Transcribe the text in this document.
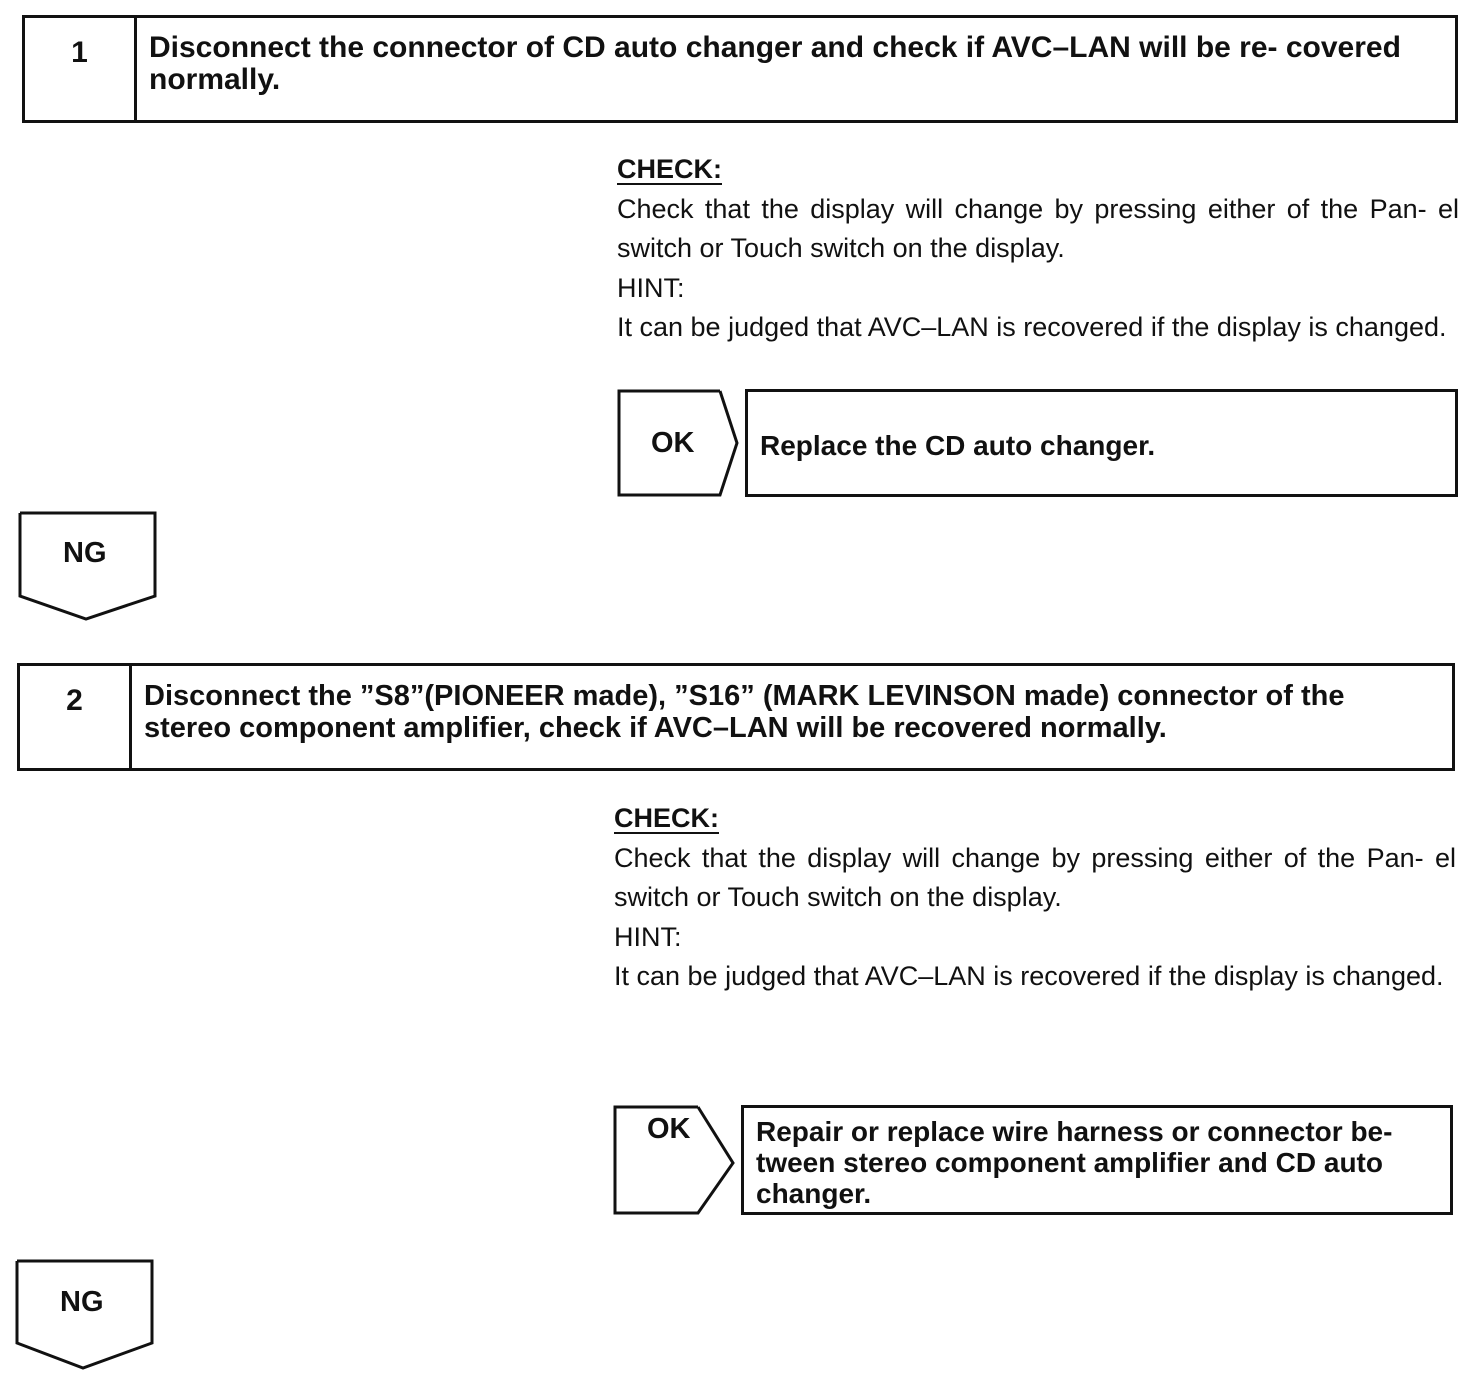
1	Disconnect the connector of CD auto changer and check if AVC–LAN will be re- covered normally.
CHECK:
Check that the display will change by pressing either of the Pan- el switch or Touch switch on the display.
HINT:
It can be judged that AVC–LAN is recovered if the display is changed.
OK	Replace the CD auto changer.
NG
2	Disconnect the ”S8”(PIONEER made), ”S16” (MARK LEVINSON made) connector of the stereo component amplifier, check if AVC–LAN will be recovered normally.
CHECK:
Check that the display will change by pressing either of the Pan- el switch or Touch switch on the display.
HINT:
It can be judged that AVC–LAN is recovered if the display is changed.
OK	Repair or replace wire harness or connector be- tween stereo component amplifier and CD auto changer.
NG
